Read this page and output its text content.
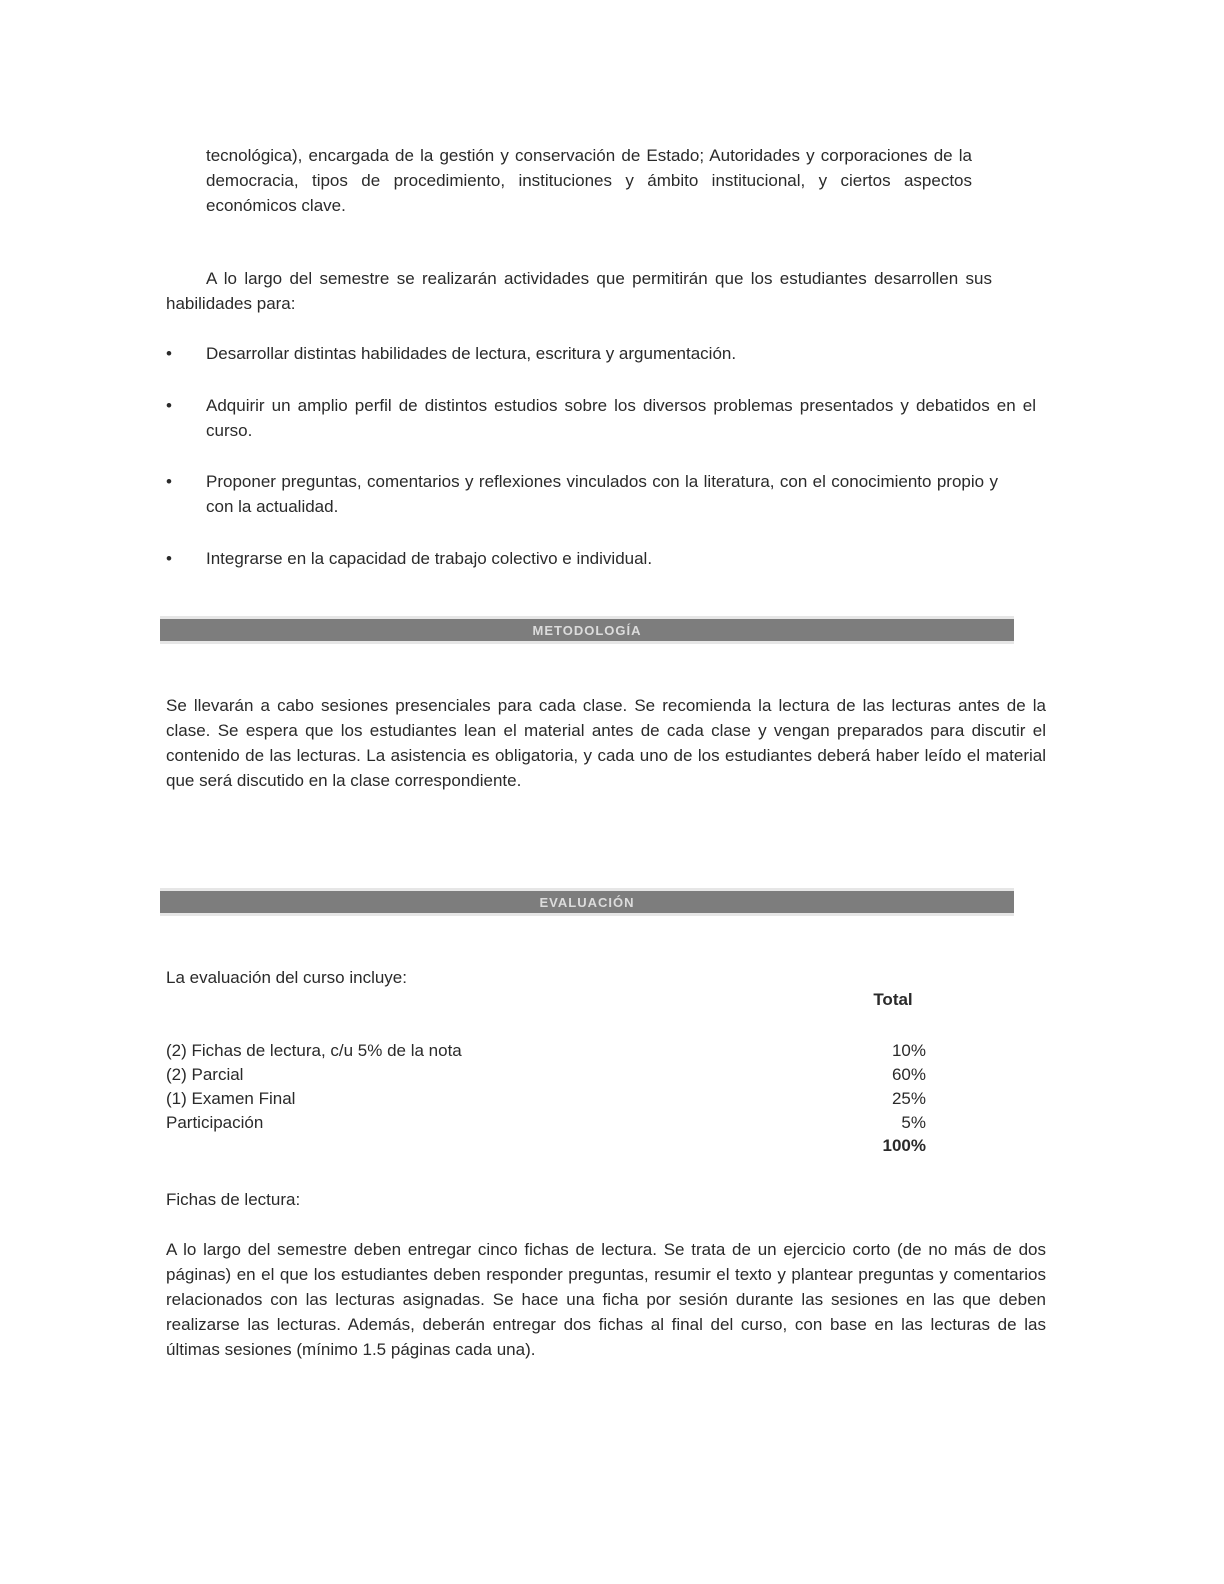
tecnológica), encargada de la gestión y conservación de Estado; Autoridades y corporaciones de la democracia, tipos de procedimiento, instituciones y ámbito institucional, y ciertos aspectos económicos clave.
A lo largo del semestre se realizarán actividades que permitirán que los estudiantes desarrollen sus habilidades para:
• Desarrollar distintas habilidades de lectura, escritura y argumentación.
• Adquirir un amplio perfil de distintos estudios sobre los diversos problemas presentados y debatidos en el curso.
• Proponer preguntas, comentarios y reflexiones vinculados con la literatura, con el conocimiento propio y con la actualidad.
• Integrarse en la capacidad de trabajo colectivo e individual.
METODOLOGÍA
Se llevarán a cabo sesiones presenciales para cada clase. Se recomienda la lectura de las lecturas antes de la clase. Se espera que los estudiantes lean el material antes de cada clase y vengan preparados para discutir el contenido de las lecturas. La asistencia es obligatoria, y cada uno de los estudiantes deberá haber leído el material que será discutido en la clase correspondiente.
EVALUACIÓN
La evaluación del curso incluye:
Total
(2) Fichas de lectura, c/u 5% de la nota	10%
(2) Parcial	60%
(1) Examen Final	25%
Participación	5%
100%
Fichas de lectura:
A lo largo del semestre deben entregar cinco fichas de lectura. Se trata de un ejercicio corto (de no más de dos páginas) en el que los estudiantes deben responder preguntas, resumir el texto y plantear preguntas y comentarios relacionados con las lecturas asignadas. Se hace una ficha por sesión durante las sesiones en las que deben realizarse las lecturas. Además, deberán entregar dos fichas al final del curso, con base en las lecturas de las últimas sesiones (mínimo 1.5 páginas cada una).
